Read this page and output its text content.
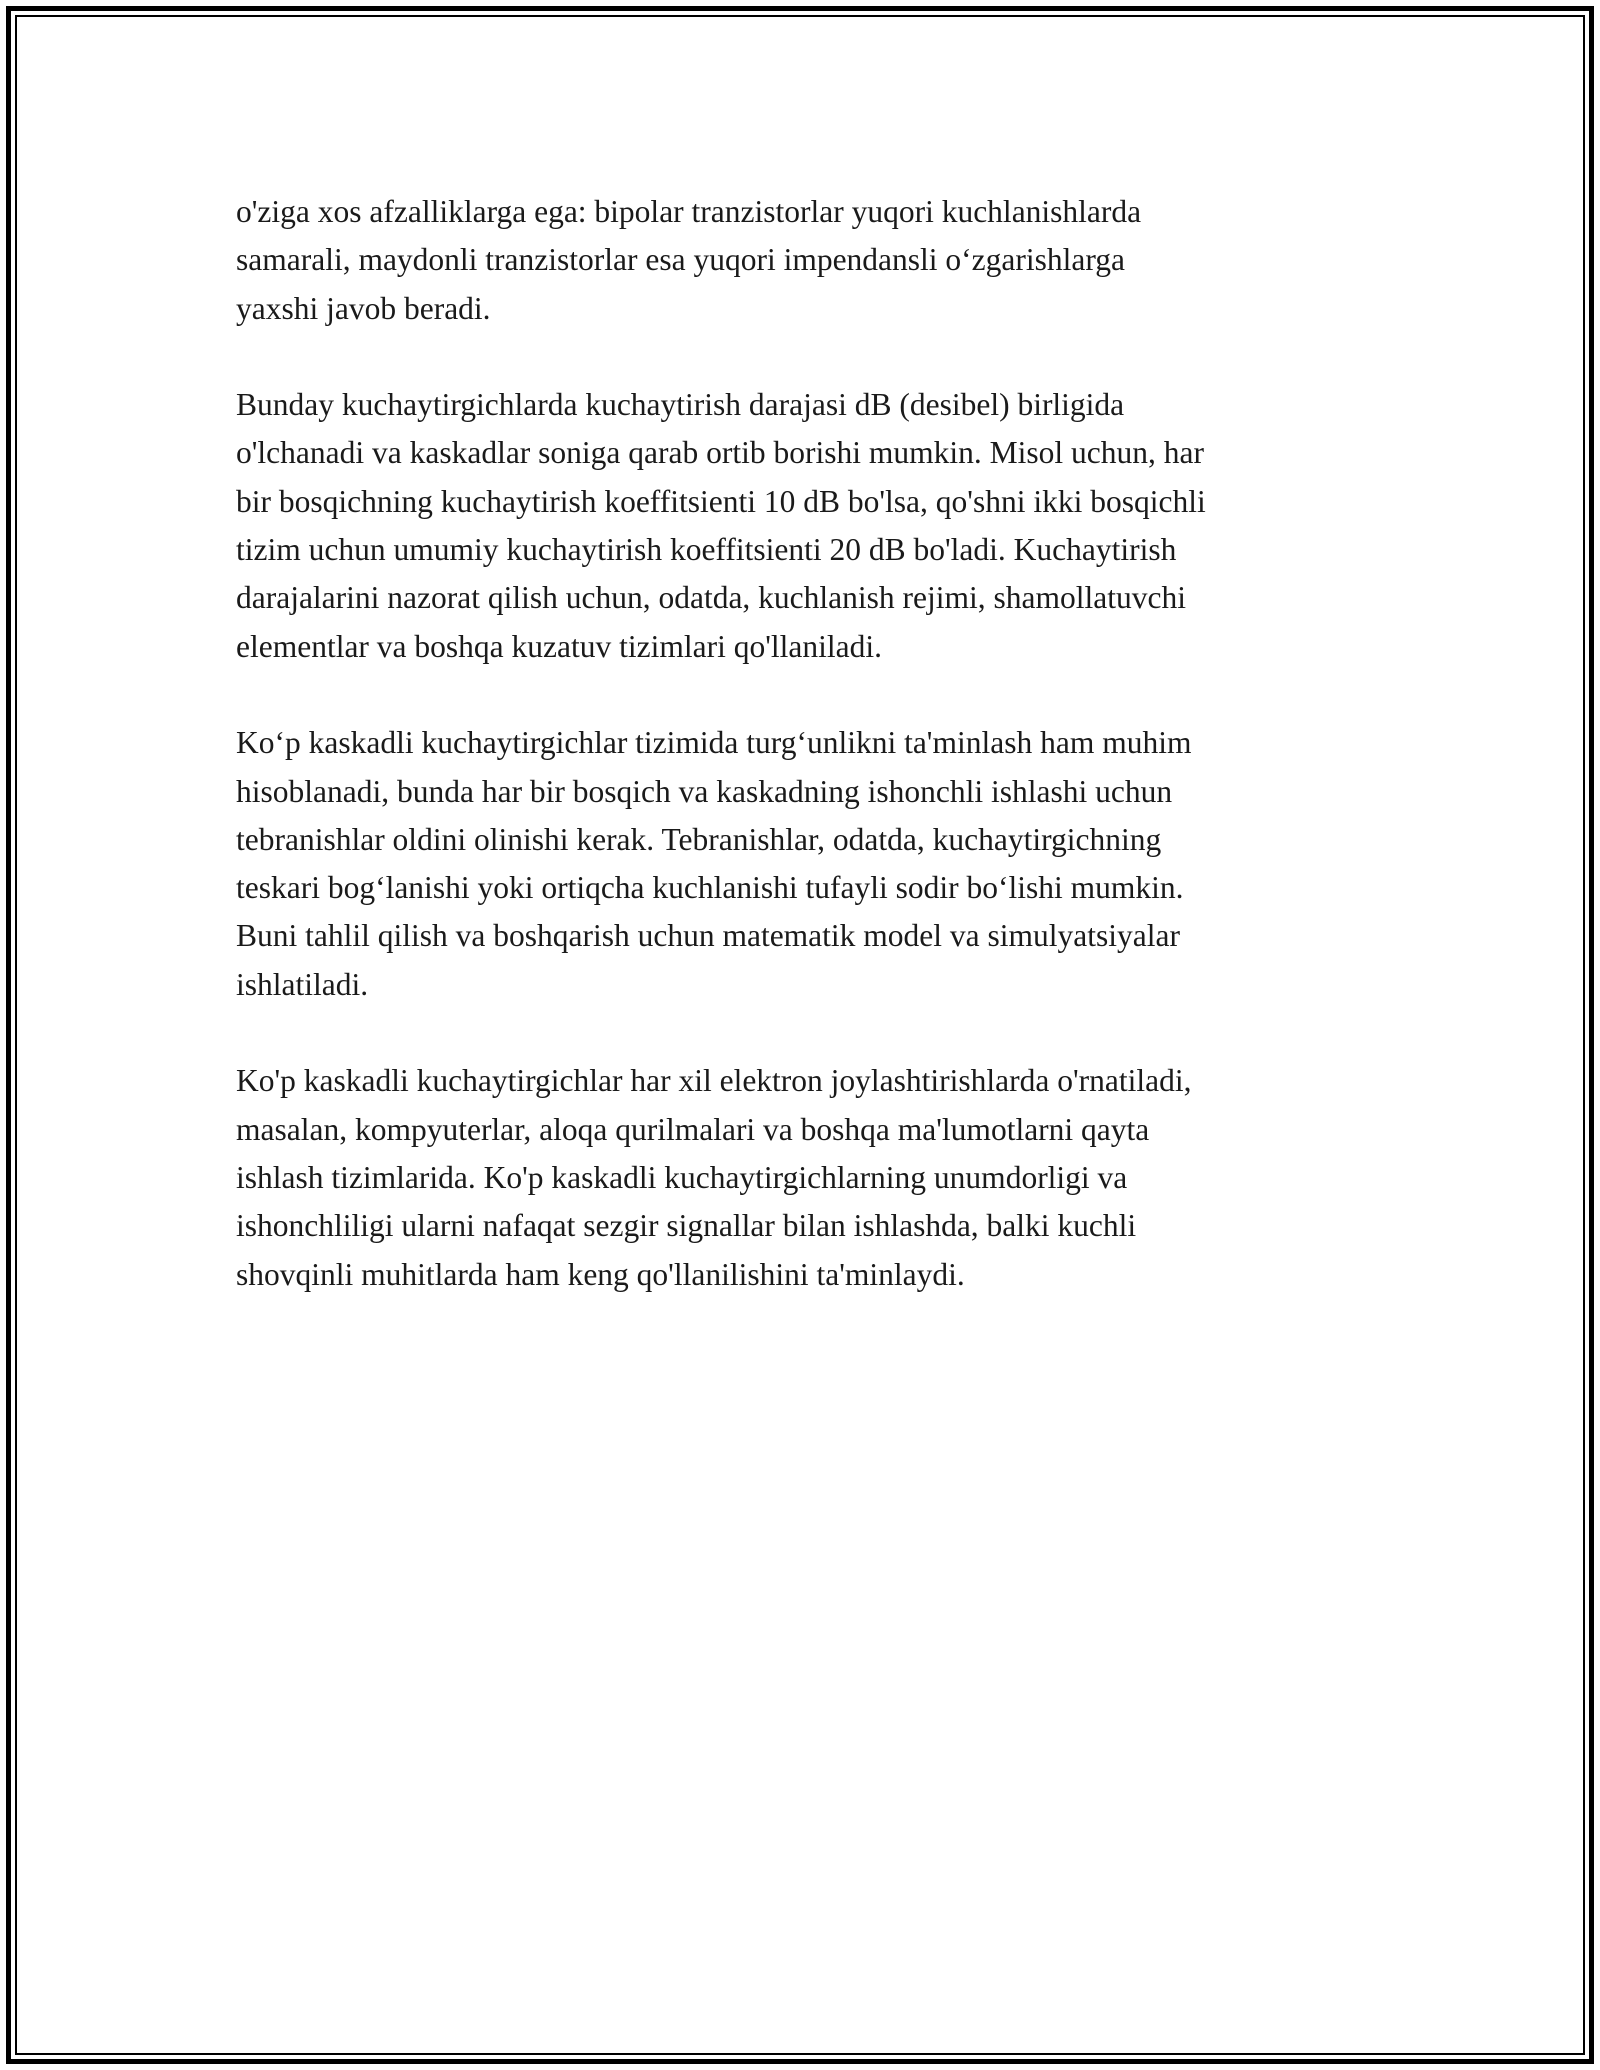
o'ziga xos afzalliklarga ega: bipolar tranzistorlar yuqori kuchlanishlarda
samarali, maydonli tranzistorlar esa yuqori impendansli o‘zgarishlarga
yaxshi javob beradi.

Bunday kuchaytirgichlarda kuchaytirish darajasi dB (desibel) birligida
o'lchanadi va kaskadlar soniga qarab ortib borishi mumkin. Misol uchun, har
bir bosqichning kuchaytirish koeffitsienti 10 dB bo'lsa, qo'shni ikki bosqichli
tizim uchun umumiy kuchaytirish koeffitsienti 20 dB bo'ladi. Kuchaytirish
darajalarini nazorat qilish uchun, odatda, kuchlanish rejimi, shamollatuvchi
elementlar va boshqa kuzatuv tizimlari qo'llaniladi.

Ko‘p kaskadli kuchaytirgichlar tizimida turg‘unlikni ta'minlash ham muhim
hisoblanadi, bunda har bir bosqich va kaskadning ishonchli ishlashi uchun
tebranishlar oldini olinishi kerak. Tebranishlar, odatda, kuchaytirgichning
teskari bog‘lanishi yoki ortiqcha kuchlanishi tufayli sodir bo‘lishi mumkin.
Buni tahlil qilish va boshqarish uchun matematik model va simulyatsiyalar
ishlatiladi.

Ko'p kaskadli kuchaytirgichlar har xil elektron joylashtirishlarda o'rnatiladi,
masalan, kompyuterlar, aloqa qurilmalari va boshqa ma'lumotlarni qayta
ishlash tizimlarida. Ko'p kaskadli kuchaytirgichlarning unumdorligi va
ishonchliligi ularni nafaqat sezgir signallar bilan ishlashda, balki kuchli
shovqinli muhitlarda ham keng qo'llanilishini ta'minlaydi.
